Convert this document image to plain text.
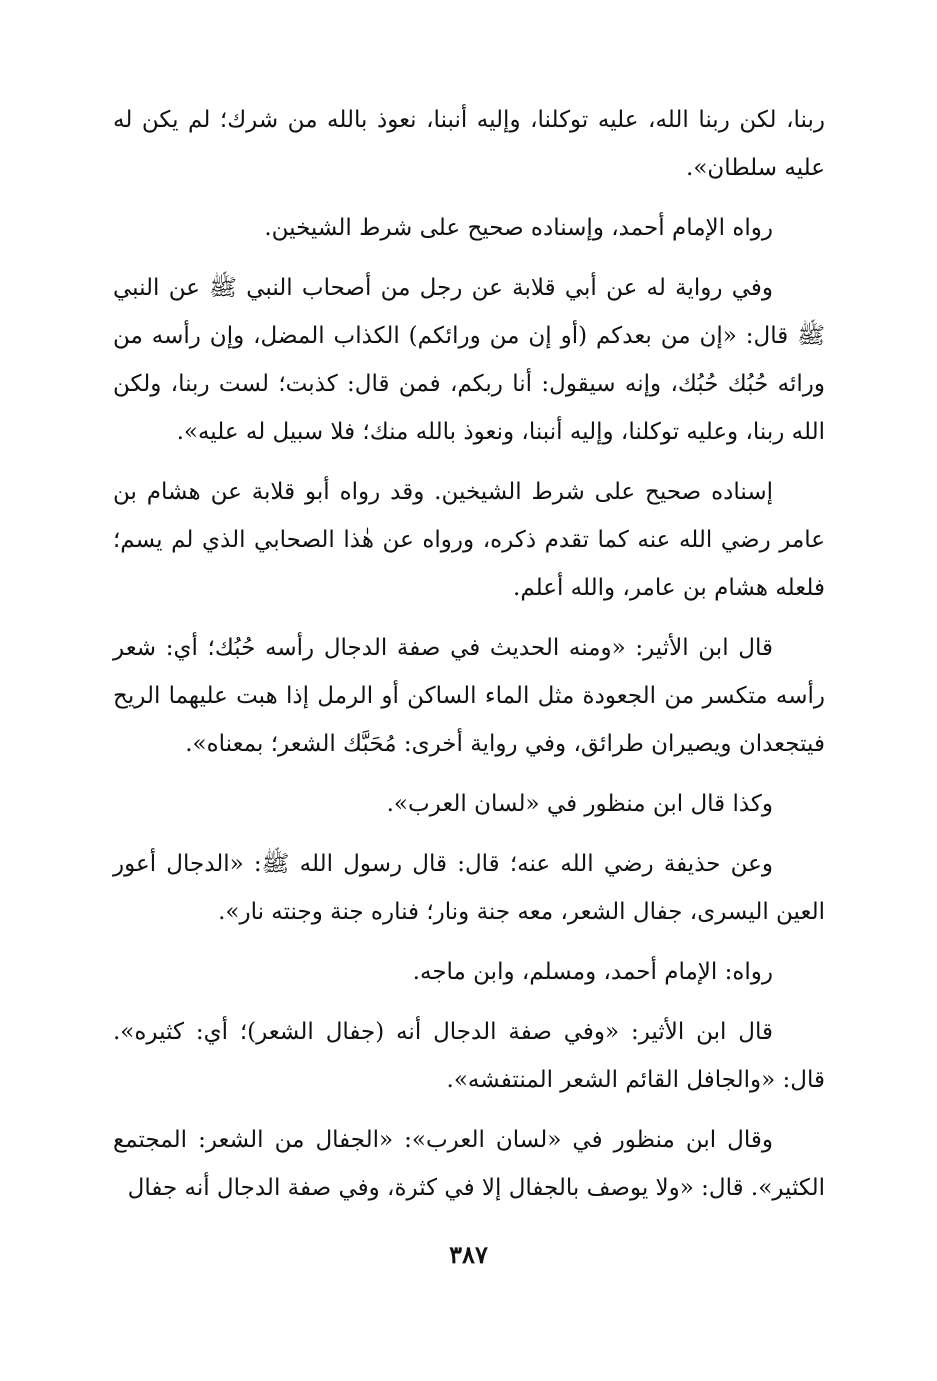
ربنا، لكن ربنا الله، عليه توكلنا، وإليه أنبنا، نعوذ بالله من شرك؛ لم يكن له عليه سلطان».

رواه الإمام أحمد، وإسناده صحيح على شرط الشيخين.

وفي رواية له عن أبي قلابة عن رجل من أصحاب النبي ﷺ عن النبي ﷺ قال: «إن من بعدكم (أو إن من ورائكم) الكذاب المضل، وإن رأسه من ورائه حُبُك حُبُك، وإنه سيقول: أنا ربكم، فمن قال: كذبت؛ لست ربنا، ولكن الله ربنا، وعليه توكلنا، وإليه أنبنا، ونعوذ بالله منك؛ فلا سبيل له عليه».

إسناده صحيح على شرط الشيخين. وقد رواه أبو قلابة عن هشام بن عامر رضي الله عنه كما تقدم ذكره، ورواه عن هٰذا الصحابي الذي لم يسم؛ فلعله هشام بن عامر، والله أعلم.

قال ابن الأثير: «ومنه الحديث في صفة الدجال رأسه حُبُك؛ أي: شعر رأسه متكسر من الجعودة مثل الماء الساكن أو الرمل إذا هبت عليهما الريح فيتجعدان ويصيران طرائق، وفي رواية أخرى: مُحَبَّك الشعر؛ بمعناه».

وكذا قال ابن منظور في «لسان العرب».

وعن حذيفة رضي الله عنه؛ قال: قال رسول الله ﷺ: «الدجال أعور العين اليسرى، جفال الشعر، معه جنة ونار؛ فناره جنة وجنته نار».

رواه: الإمام أحمد، ومسلم، وابن ماجه.

قال ابن الأثير: «وفي صفة الدجال أنه (جفال الشعر)؛ أي: كثيره». قال: «والجافل القائم الشعر المنتفشه».

وقال ابن منظور في «لسان العرب»: «الجفال من الشعر: المجتمع الكثير». قال: «ولا يوصف بالجفال إلا في كثرة، وفي صفة الدجال أنه جفال

٣٨٧
